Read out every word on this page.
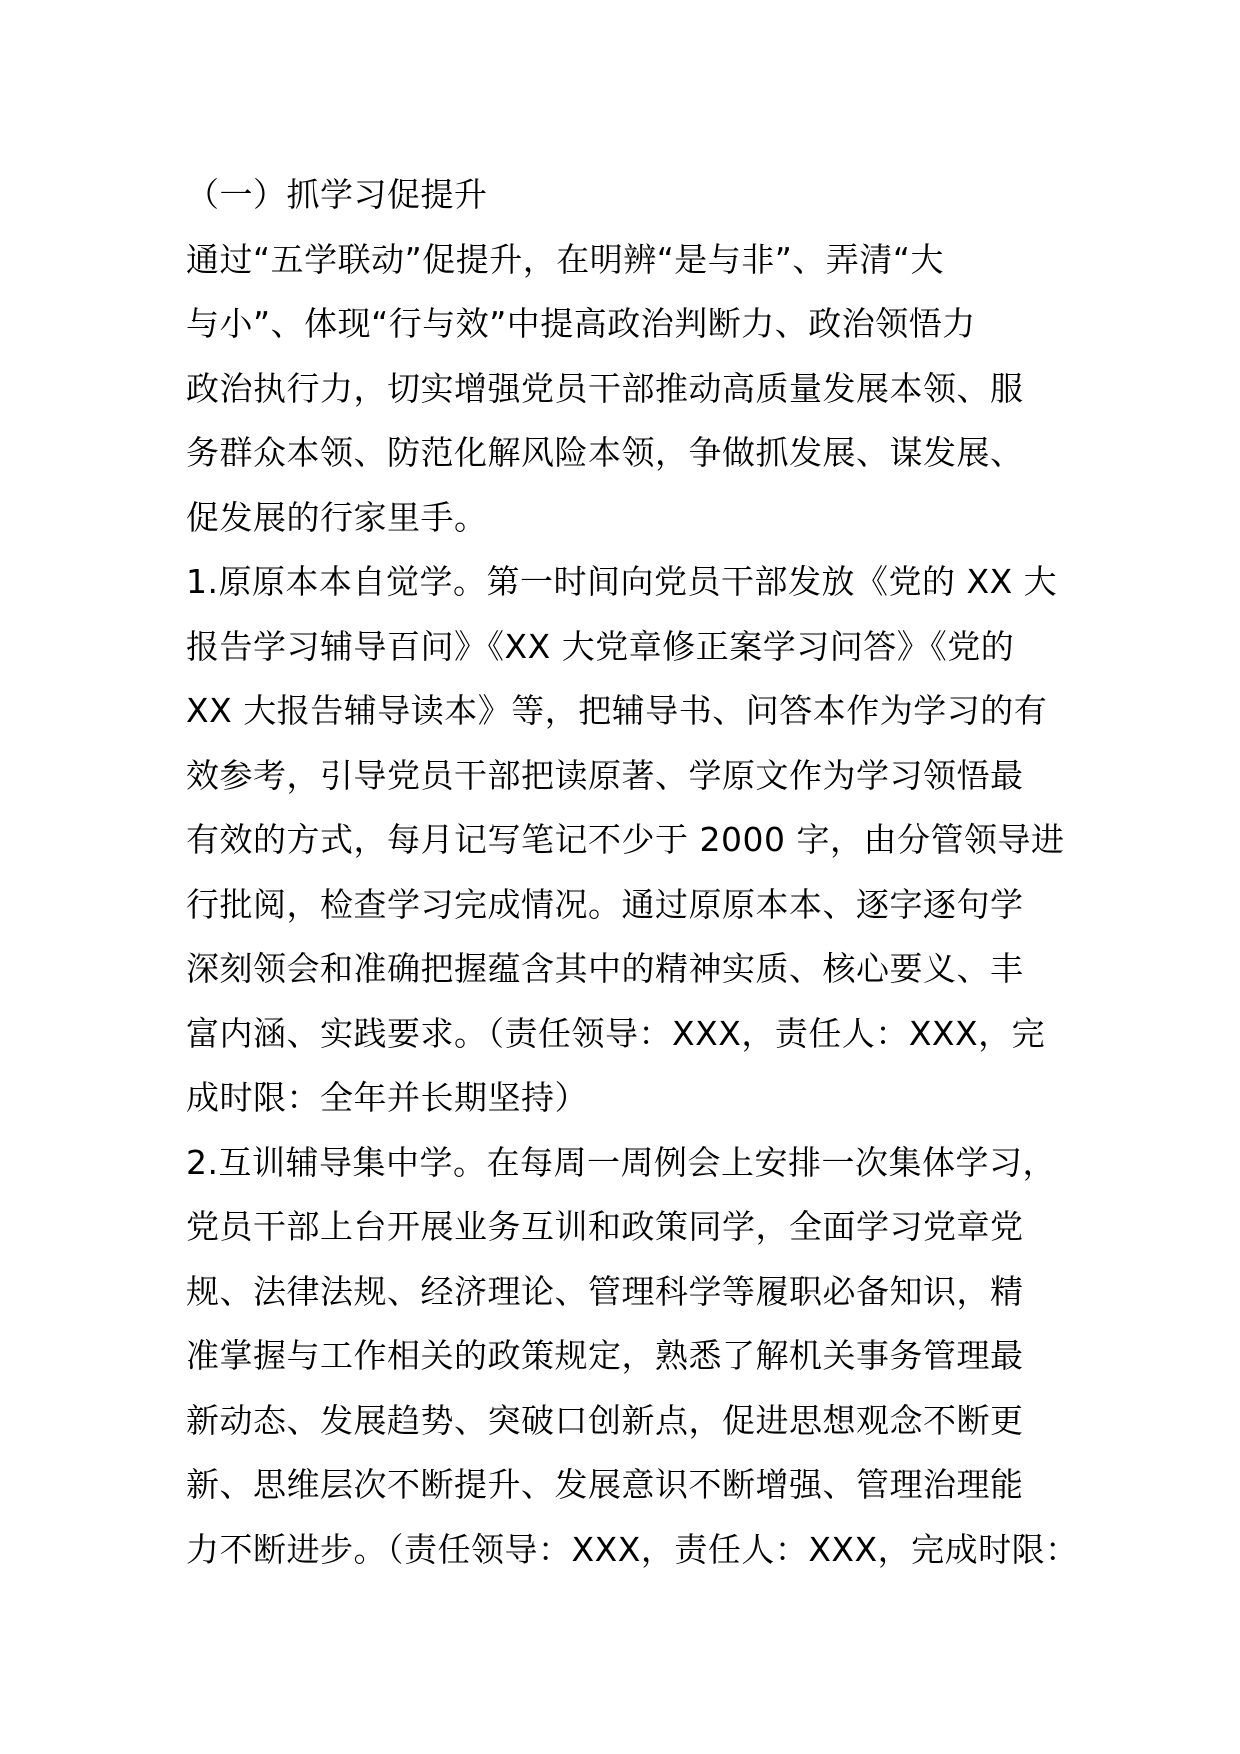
（一）抓学习促提升
通过“五学联动”促提升，在明辨“是与非”、弄清“大
与小”、体现“行与效”中提高政治判断力、政治领悟力
政治执行力，切实增强党员干部推动高质量发展本领、服
务群众本领、防范化解风险本领，争做抓发展、谋发展、
促发展的行家里手。
1.原原本本自觉学。第一时间向党员干部发放《党的 XX 大
报告学习辅导百问》《XX 大党章修正案学习问答》《党的
XX 大报告辅导读本》等，把辅导书、问答本作为学习的有
效参考，引导党员干部把读原著、学原文作为学习领悟最
有效的方式，每月记写笔记不少于 2000 字，由分管领导进
行批阅，检查学习完成情况。通过原原本本、逐字逐句学
深刻领会和准确把握蕴含其中的精神实质、核心要义、丰
富内涵、实践要求。（责任领导：XXX，责任人：XXX，完
成时限：全年并长期坚持）
2.互训辅导集中学。在每周一周例会上安排一次集体学习，
党员干部上台开展业务互训和政策同学，全面学习党章党
规、法律法规、经济理论、管理科学等履职必备知识，精
准掌握与工作相关的政策规定，熟悉了解机关事务管理最
新动态、发展趋势、突破口创新点，促进思想观念不断更
新、思维层次不断提升、发展意识不断增强、管理治理能
力不断进步。（责任领导：XXX，责任人：XXX，完成时限：
